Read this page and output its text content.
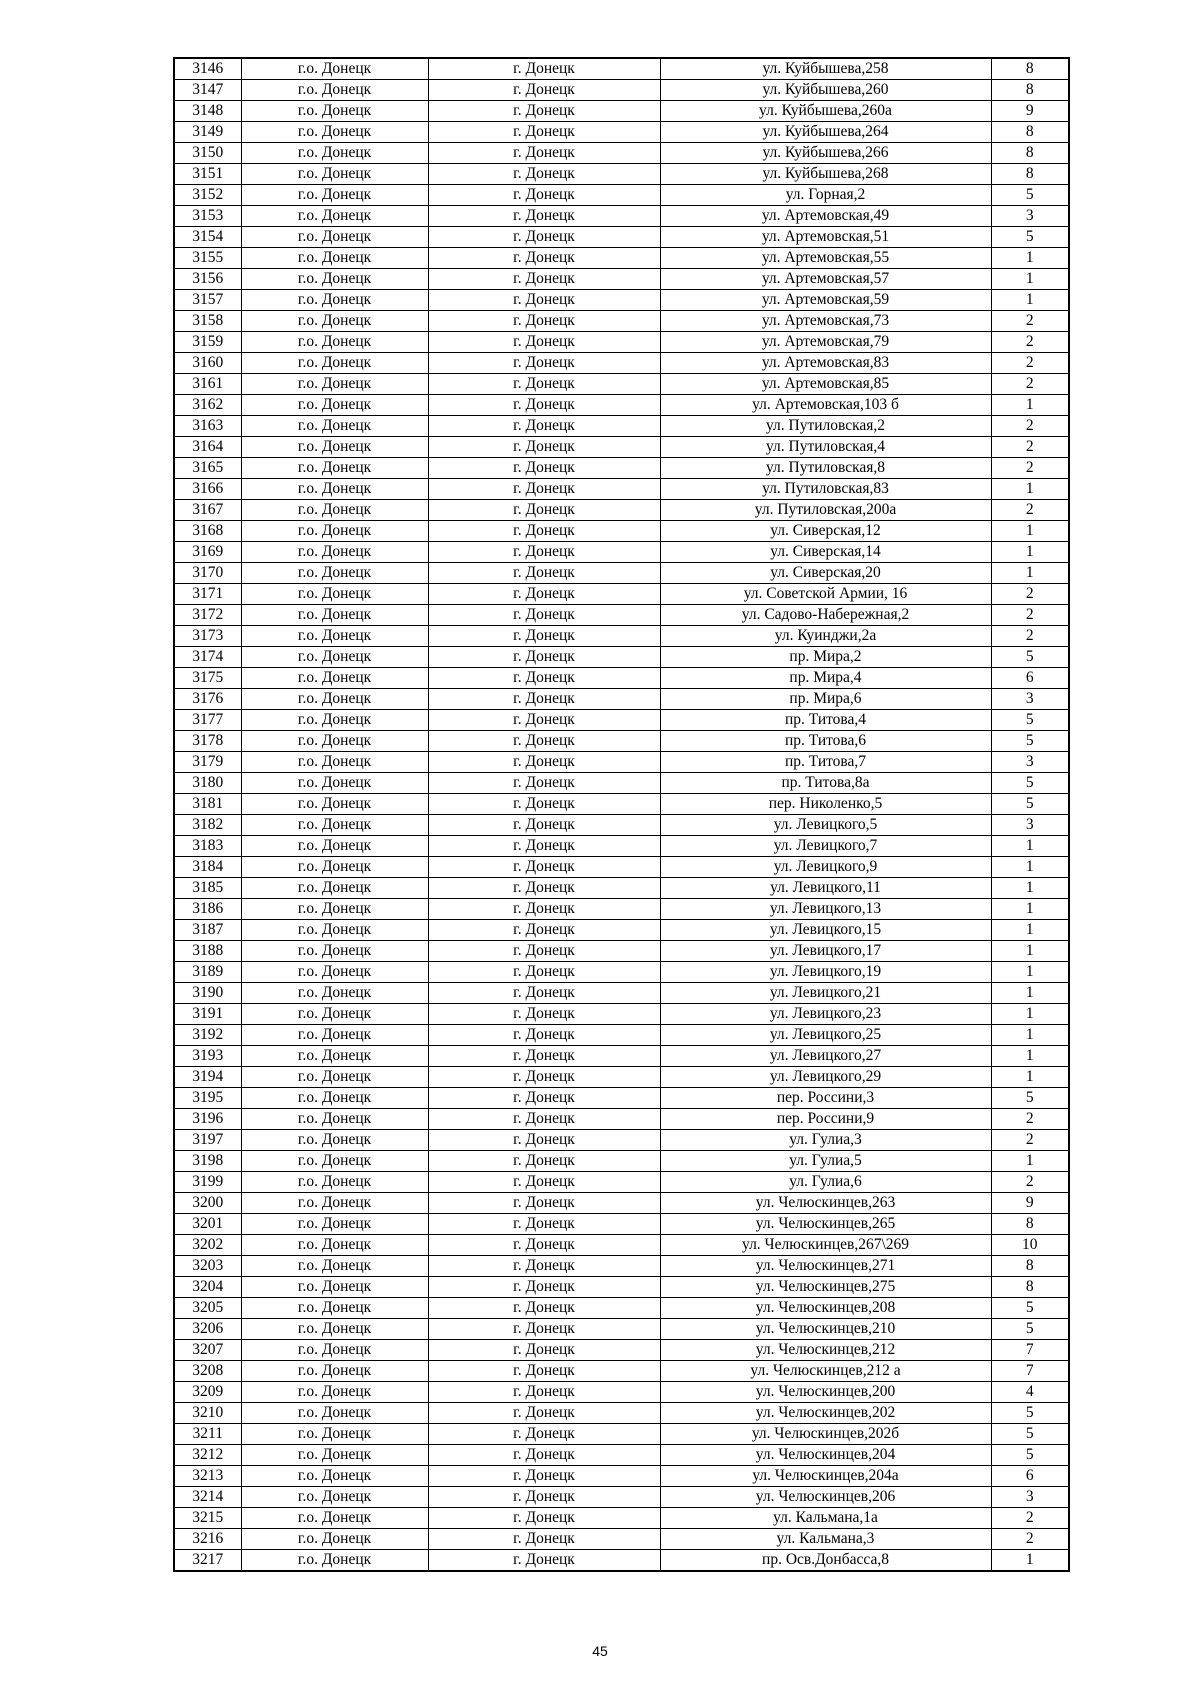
3146	г.о. Донецк	г. Донецк	ул. Куйбышева,258	8
3147	г.о. Донецк	г. Донецк	ул. Куйбышева,260	8
3148	г.о. Донецк	г. Донецк	ул. Куйбышева,260а	9
3149	г.о. Донецк	г. Донецк	ул. Куйбышева,264	8
3150	г.о. Донецк	г. Донецк	ул. Куйбышева,266	8
3151	г.о. Донецк	г. Донецк	ул. Куйбышева,268	8
3152	г.о. Донецк	г. Донецк	ул. Горная,2	5
3153	г.о. Донецк	г. Донецк	ул. Артемовская,49	3
3154	г.о. Донецк	г. Донецк	ул. Артемовская,51	5
3155	г.о. Донецк	г. Донецк	ул. Артемовская,55	1
3156	г.о. Донецк	г. Донецк	ул. Артемовская,57	1
3157	г.о. Донецк	г. Донецк	ул. Артемовская,59	1
3158	г.о. Донецк	г. Донецк	ул. Артемовская,73	2
3159	г.о. Донецк	г. Донецк	ул. Артемовская,79	2
3160	г.о. Донецк	г. Донецк	ул. Артемовская,83	2
3161	г.о. Донецк	г. Донецк	ул. Артемовская,85	2
3162	г.о. Донецк	г. Донецк	ул. Артемовская,103 б	1
3163	г.о. Донецк	г. Донецк	ул. Путиловская,2	2
3164	г.о. Донецк	г. Донецк	ул. Путиловская,4	2
3165	г.о. Донецк	г. Донецк	ул. Путиловская,8	2
3166	г.о. Донецк	г. Донецк	ул. Путиловская,83	1
3167	г.о. Донецк	г. Донецк	ул. Путиловская,200а	2
3168	г.о. Донецк	г. Донецк	ул. Сиверская,12	1
3169	г.о. Донецк	г. Донецк	ул. Сиверская,14	1
3170	г.о. Донецк	г. Донецк	ул. Сиверская,20	1
3171	г.о. Донецк	г. Донецк	ул. Советской Армии, 16	2
3172	г.о. Донецк	г. Донецк	ул. Садово-Набережная,2	2
3173	г.о. Донецк	г. Донецк	ул. Куинджи,2а	2
3174	г.о. Донецк	г. Донецк	пр. Мира,2	5
3175	г.о. Донецк	г. Донецк	пр. Мира,4	6
3176	г.о. Донецк	г. Донецк	пр. Мира,6	3
3177	г.о. Донецк	г. Донецк	пр. Титова,4	5
3178	г.о. Донецк	г. Донецк	пр. Титова,6	5
3179	г.о. Донецк	г. Донецк	пр. Титова,7	3
3180	г.о. Донецк	г. Донецк	пр. Титова,8а	5
3181	г.о. Донецк	г. Донецк	пер. Николенко,5	5
3182	г.о. Донецк	г. Донецк	ул. Левицкого,5	3
3183	г.о. Донецк	г. Донецк	ул. Левицкого,7	1
3184	г.о. Донецк	г. Донецк	ул. Левицкого,9	1
3185	г.о. Донецк	г. Донецк	ул. Левицкого,11	1
3186	г.о. Донецк	г. Донецк	ул. Левицкого,13	1
3187	г.о. Донецк	г. Донецк	ул. Левицкого,15	1
3188	г.о. Донецк	г. Донецк	ул. Левицкого,17	1
3189	г.о. Донецк	г. Донецк	ул. Левицкого,19	1
3190	г.о. Донецк	г. Донецк	ул. Левицкого,21	1
3191	г.о. Донецк	г. Донецк	ул. Левицкого,23	1
3192	г.о. Донецк	г. Донецк	ул. Левицкого,25	1
3193	г.о. Донецк	г. Донецк	ул. Левицкого,27	1
3194	г.о. Донецк	г. Донецк	ул. Левицкого,29	1
3195	г.о. Донецк	г. Донецк	пер. Россини,3	5
3196	г.о. Донецк	г. Донецк	пер. Россини,9	2
3197	г.о. Донецк	г. Донецк	ул. Гулиа,3	2
3198	г.о. Донецк	г. Донецк	ул. Гулиа,5	1
3199	г.о. Донецк	г. Донецк	ул. Гулиа,6	2
3200	г.о. Донецк	г. Донецк	ул. Челюскинцев,263	9
3201	г.о. Донецк	г. Донецк	ул. Челюскинцев,265	8
3202	г.о. Донецк	г. Донецк	ул. Челюскинцев,267\269	10
3203	г.о. Донецк	г. Донецк	ул. Челюскинцев,271	8
3204	г.о. Донецк	г. Донецк	ул. Челюскинцев,275	8
3205	г.о. Донецк	г. Донецк	ул. Челюскинцев,208	5
3206	г.о. Донецк	г. Донецк	ул. Челюскинцев,210	5
3207	г.о. Донецк	г. Донецк	ул. Челюскинцев,212	7
3208	г.о. Донецк	г. Донецк	ул. Челюскинцев,212 а	7
3209	г.о. Донецк	г. Донецк	ул. Челюскинцев,200	4
3210	г.о. Донецк	г. Донецк	ул. Челюскинцев,202	5
3211	г.о. Донецк	г. Донецк	ул. Челюскинцев,202б	5
3212	г.о. Донецк	г. Донецк	ул. Челюскинцев,204	5
3213	г.о. Донецк	г. Донецк	ул. Челюскинцев,204а	6
3214	г.о. Донецк	г. Донецк	ул. Челюскинцев,206	3
3215	г.о. Донецк	г. Донецк	ул. Кальмана,1а	2
3216	г.о. Донецк	г. Донецк	ул. Кальмана,3	2
3217	г.о. Донецк	г. Донецк	пр. Осв.Донбасса,8	1
45
